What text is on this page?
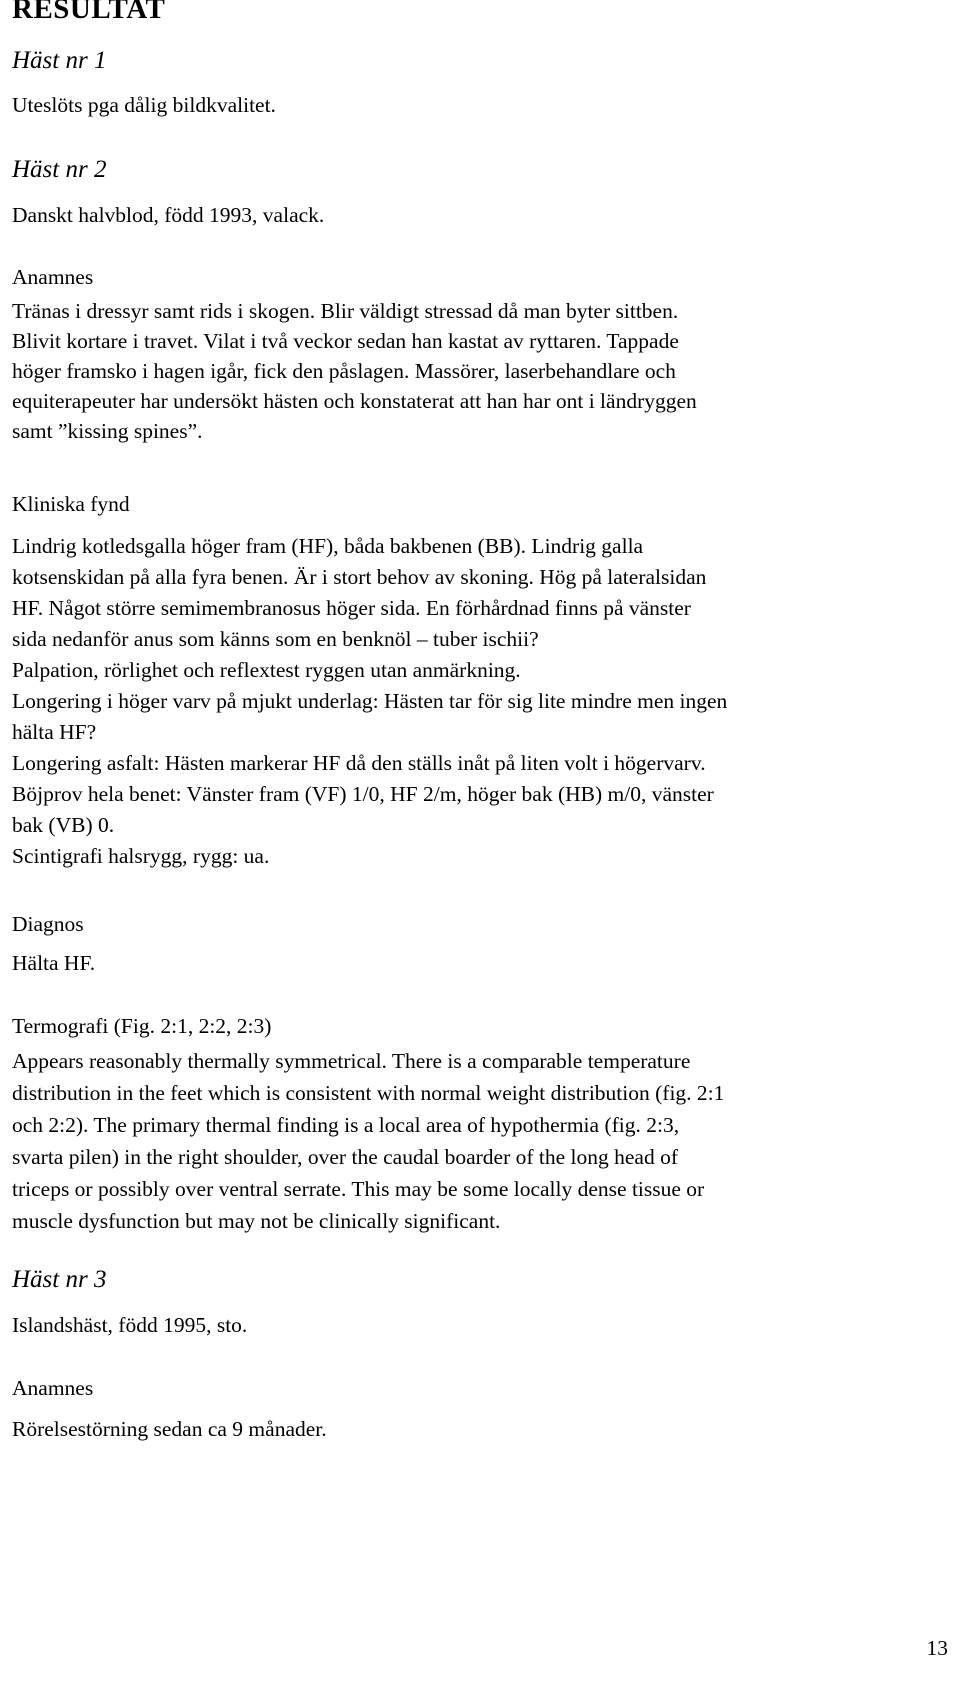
RESULTAT
Häst nr 1
Uteslöts pga dålig bildkvalitet.
Häst nr 2
Danskt halvblod, född 1993, valack.
Anamnes
Tränas i dressyr samt rids i skogen. Blir väldigt stressad då man byter sittben.
Blivit kortare i travet. Vilat i två veckor sedan han kastat av ryttaren. Tappade
höger framsko i hagen igår, fick den påslagen. Massörer, laserbehandlare och
equiterapeuter har undersökt hästen och konstaterat att han har ont i ländryggen
samt ”kissing spines”.
Kliniska fynd
Lindrig kotledsgalla höger fram (HF), båda bakbenen (BB). Lindrig galla
kotsenskidan på alla fyra benen. Är i stort behov av skoning. Hög på lateralsidan
HF. Något större semimembranosus höger sida. En förhårdnad finns på vänster
sida nedanför anus som känns som en benknöl – tuber ischii?
Palpation, rörlighet och reflextest ryggen utan anmärkning.
Longering i höger varv på mjukt underlag: Hästen tar för sig lite mindre men ingen
hälta HF?
Longering asfalt: Hästen markerar HF då den ställs inåt på liten volt i högervarv.
Böjprov hela benet: Vänster fram (VF) 1/0, HF 2/m, höger bak (HB) m/0, vänster
bak (VB) 0.
Scintigrafi halsrygg, rygg: ua.
Diagnos
Hälta HF.
Termografi (Fig. 2:1, 2:2, 2:3)
Appears reasonably thermally symmetrical. There is a comparable temperature
distribution in the feet which is consistent with normal weight distribution (fig. 2:1
och 2:2). The primary thermal finding is a local area of hypothermia (fig. 2:3,
svarta pilen) in the right shoulder, over the caudal boarder of the long head of
triceps or possibly over ventral serrate. This may be some locally dense tissue or
muscle dysfunction but may not be clinically significant.
Häst nr 3
Islandshäst, född 1995, sto.
Anamnes
Rörelsestörning sedan ca 9 månader.
13
